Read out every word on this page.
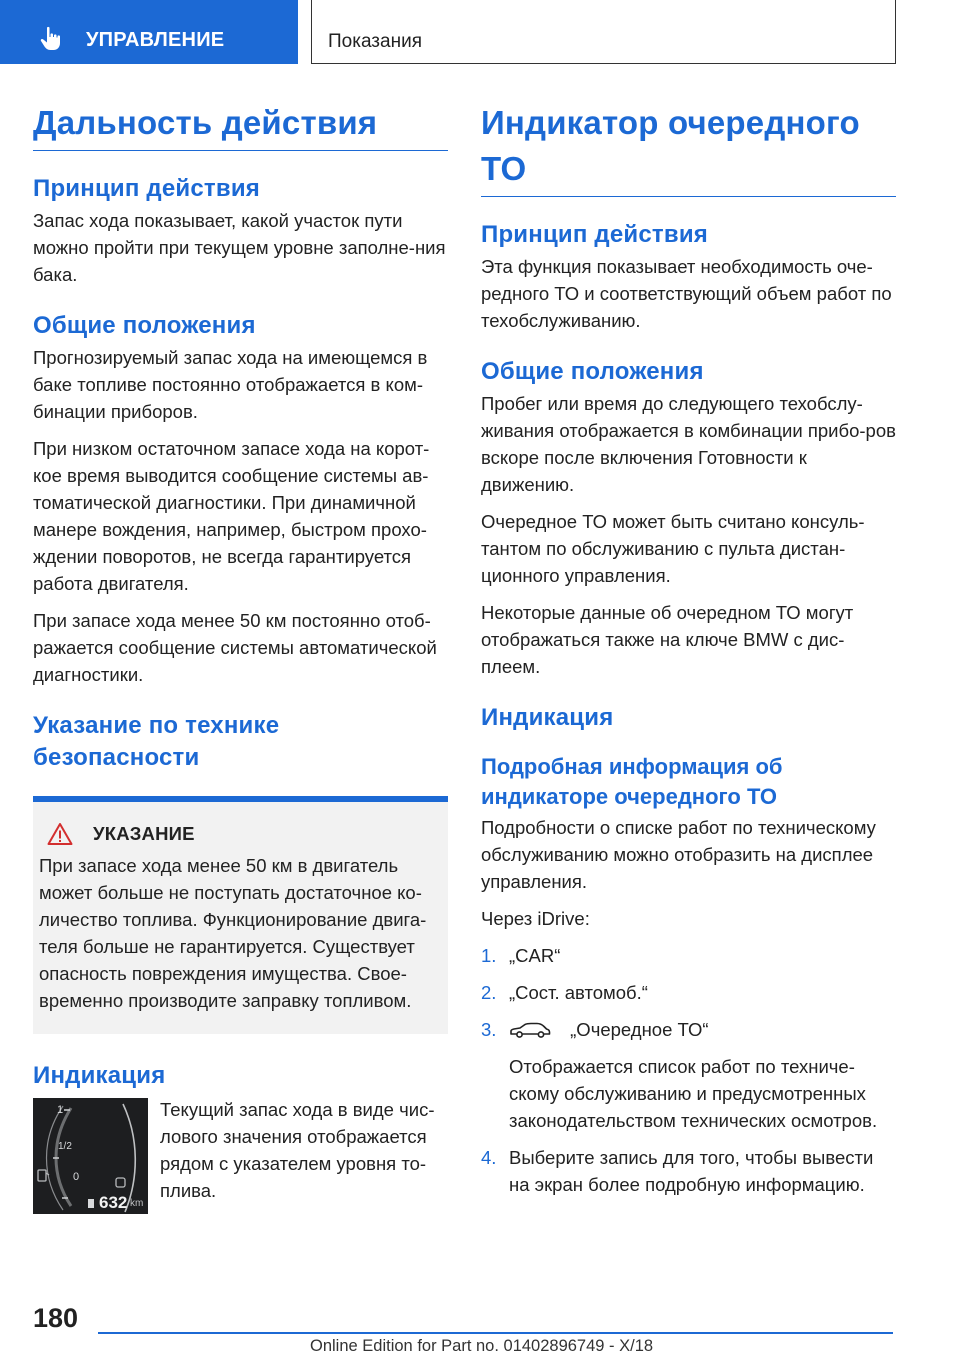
УПРАВЛЕНИЕ	Показания
Дальность действия
Принцип действия

Запас хода показывает, какой участок пути можно пройти при текущем уровне заполне-ния бака.

Общие положения

Прогнозируемый запас хода на имеющемся в баке топливе постоянно отображается в ком-бинации приборов.

При низком остаточном запасе хода на корот-кое время выводится сообщение системы ав-томатической диагностики. При динамичной манере вождения, например, быстром прохо-ждении поворотов, не всегда гарантируется работа двигателя.

При запасе хода менее 50 км постоянно отоб-ражается сообщение системы автоматической диагностики.

Указание по технике безопасности
УКАЗАНИЕ

При запасе хода менее 50 км в двигатель может больше не поступать достаточное ко-личество топлива. Функционирование двига-теля больше не гарантируется. Существует опасность повреждения имущества. Свое-временно производите заправку топливом.

Индикация
1
1/2
0
632 km

Текущий запас хода в виде чис-лового значения отображается рядом с указателем уровня то-плива.

Индикатор очередного ТО
Принцип действия

Эта функция показывает необходимость оче-редного ТО и соответствующий объем работ по техобслуживанию.

Общие положения

Пробег или время до следующего техобслу-живания отображается в комбинации прибо-ров вскоре после включения Готовности к движению.

Очередное ТО может быть считано консуль-тантом по обслуживанию с пульта дистан-ционного управления.

Некоторые данные об очередном ТО могут отображаться также на ключе BMW с дис-плеем.

Индикация
Подробная информация об индикаторе очередного ТО

Подробности о списке работ по техническому обслуживанию можно отобразить на дисплее управления.

Через iDrive:

1. „CAR“
2. „Сост. автомоб.“
3.	„Очередное ТО“
Отображается список работ по техниче-скому обслуживанию и предусмотренных законодательством технических осмотров.
4. Выберите запись для того, чтобы вывести на экран более подробную информацию.
180
Online Edition for Part no. 01402896749 - X/18
